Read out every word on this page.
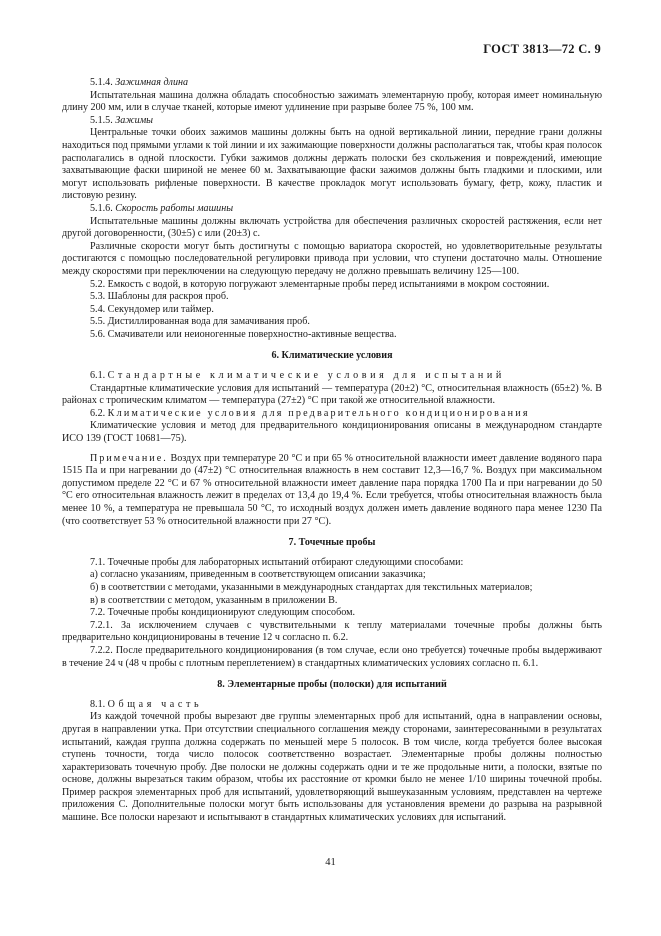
ГОСТ 3813—72 С. 9

5.1.4. Зажимная длина

Испытательная машина должна обладать способностью зажимать элементарную пробу, которая имеет номинальную длину 200 мм, или в случае тканей, которые имеют удлинение при разрыве более 75 %, 100 мм.

5.1.5. Зажимы

Центральные точки обоих зажимов машины должны быть на одной вертикальной линии, передние грани должны находиться под прямыми углами к той линии и их зажимающие поверхности должны располагаться так, чтобы края полосок располагались в одной плоскости. Губки зажимов должны держать полоски без скольжения и повреждений, имеющие захватывающие фаски шириной не менее 60 м. Захватывающие фаски зажимов должны быть гладкими и плоскими, или могут использовать рифленые поверхности. В качестве прокладок могут использовать бумагу, фетр, кожу, пластик и листовую резину.

5.1.6. Скорость работы машины

Испытательные машины должны включать устройства для обеспечения различных скоростей растяжения, если нет другой договоренности, (30±5) с или (20±3) с.

Различные скорости могут быть достигнуты с помощью вариатора скоростей, но удовлетворительные результаты достигаются с помощью последовательной регулировки привода при условии, что ступени достаточно малы. Отношение между скоростями при переключении на следующую передачу не должно превышать величину 125—100.

5.2. Емкость с водой, в которую погружают элементарные пробы перед испытаниями в мокром состоянии.

5.3. Шаблоны для раскроя проб.

5.4. Секундомер или таймер.

5.5. Дистиллированная вода для замачивания проб.

5.6. Смачиватели или неионогенные поверхностно-активные вещества.

6. Климатические условия

6.1. Стандартные климатические условия для испытаний

Стандартные климатические условия для испытаний — температура (20±2) °С, относительная влажность (65±2) %. В районах с тропическим климатом — температура (27±2) °С при такой же относительной влажности.

6.2. Климатические условия для предварительного кондиционирования

Климатические условия и метод для предварительного кондиционирования описаны в международном стандарте ИСО 139 (ГОСТ 10681—75).

Примечание. Воздух при температуре 20 °С и при 65 % относительной влажности имеет давление водяного пара 1515 Па и при нагревании до (47±2) °С относительная влажность в нем составит 12,3—16,7 %. Воздух при максимальном допустимом пределе 22 °С и 67 % относительной влажности имеет давление пара порядка 1700 Па и при нагревании до 50 °С его относительная влажность лежит в пределах от 13,4 до 19,4 %. Если требуется, чтобы относительная влажность была менее 10 %, а температура не превышала 50 °С, то исходный воздух должен иметь давление водяного пара менее 1230 Па (что соответствует 53 % относительной влажности при 27 °С).

7. Точечные пробы

7.1. Точечные пробы для лабораторных испытаний отбирают следующими способами:

а) согласно указаниям, приведенным в соответствующем описании заказчика;

б) в соответствии с методами, указанными в международных стандартах для текстильных материалов;

в) в соответствии с методом, указанным в приложении В.

7.2. Точечные пробы кондиционируют следующим способом.

7.2.1. За исключением случаев с чувствительными к теплу материалами точечные пробы должны быть предварительно кондиционированы в течение 12 ч согласно п. 6.2.

7.2.2. После предварительного кондиционирования (в том случае, если оно требуется) точечные пробы выдерживают в течение 24 ч (48 ч пробы с плотным переплетением) в стандартных климатических условиях согласно п. 6.1.

8. Элементарные пробы (полоски) для испытаний

8.1. Общая часть

Из каждой точечной пробы вырезают две группы элементарных проб для испытаний, одна в направлении основы, другая в направлении утка. При отсутствии специального соглашения между сторонами, заинтересованными в результатах испытаний, каждая группа должна содержать по меньшей мере 5 полосок. В том числе, когда требуется более высокая ступень точности, тогда число полосок соответственно возрастает. Элементарные пробы должны полностью характеризовать точечную пробу. Две полоски не должны содержать одни и те же продольные нити, а полоски, взятые по основе, должны вырезаться таким образом, чтобы их расстояние от кромки было не менее 1/10 ширины точечной пробы. Пример раскроя элементарных проб для испытаний, удовлетворяющий вышеуказанным условиям, представлен на чертеже приложения С. Дополнительные полоски могут быть использованы для установления времени до разрыва на разрывной машине. Все полоски нарезают и испытывают в стандартных климатических условиях для испытаний.

41
